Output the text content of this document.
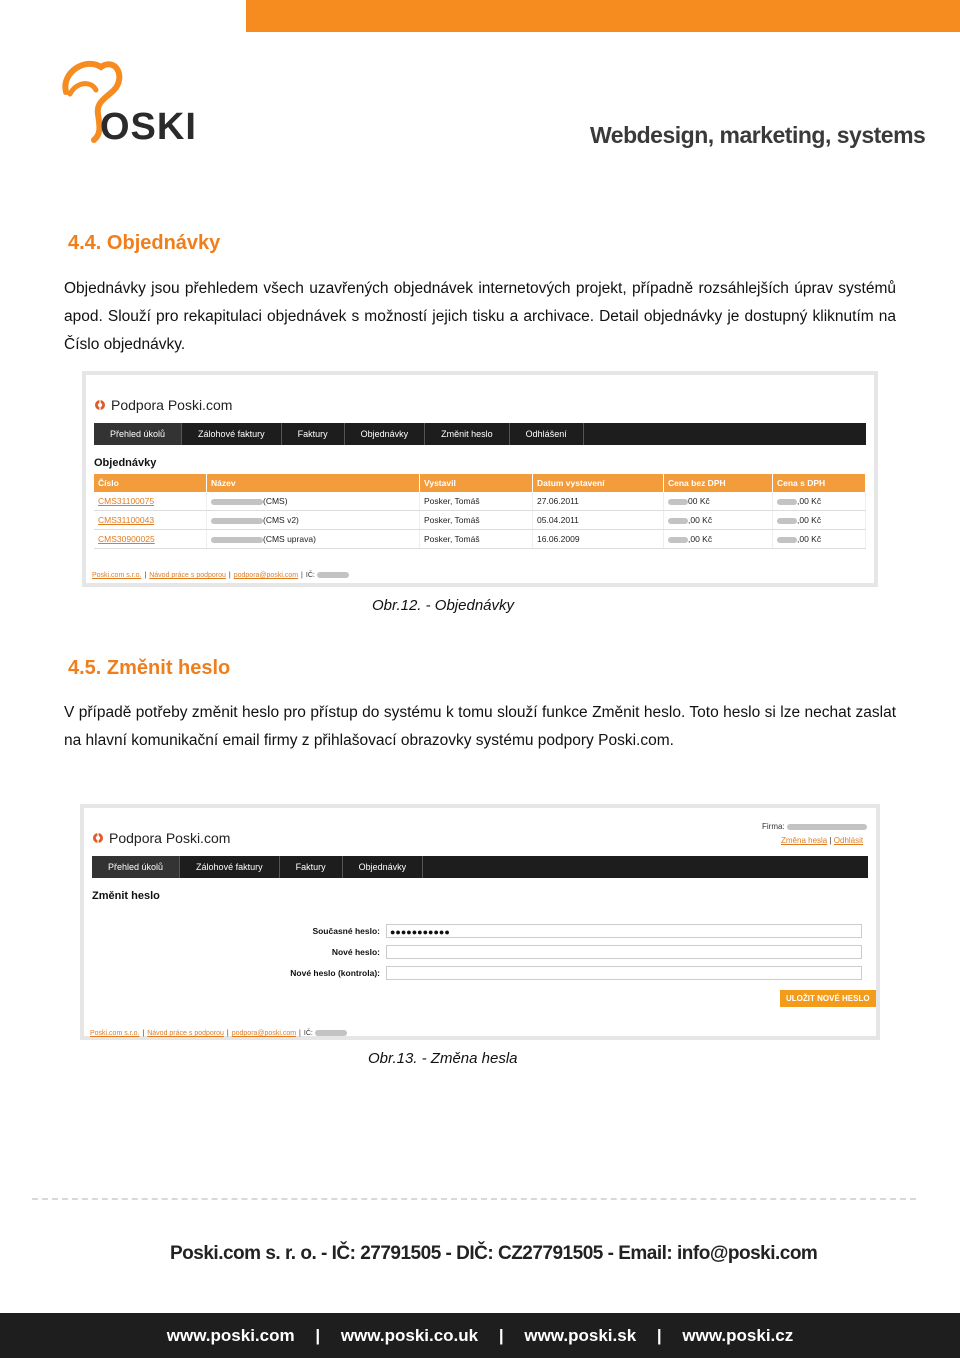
OSKI	Webdesign, marketing, systems
4.4. Objednávky
Objednávky jsou přehledem všech uzavřených objednávek internetových projekt, případně rozsáhlejších úprav systémů apod. Slouží pro rekapitulaci objednávek s možností jejich tisku a archivace. Detail objednávky je dostupný kliknutím na Číslo objednávky.
Podpora Poski.com
Přehled úkolů	Zálohové faktury	Faktury	Objednávky	Změnit heslo	Odhlášení
Objednávky
Číslo	Název	Vystavil	Datum vystavení	Cena bez DPH	Cena s DPH
CMS31100075	(CMS)	Posker, Tomáš	27.06.2011	00 Kč	,00 Kč
CMS31100043	(CMS v2)	Posker, Tomáš	05.04.2011	,00 Kč	,00 Kč
CMS30900025	(CMS uprava)	Posker, Tomáš	16.06.2009	,00 Kč	,00 Kč
Poski.com s.r.o. | Návod práce s podporou | podpora@poski.com | IČ:
Obr.12. - Objednávky
4.5. Změnit heslo
V případě potřeby změnit heslo pro přístup do systému k tomu slouží funkce Změnit heslo. Toto heslo si lze nechat zaslat na hlavní komunikační email firmy z přihlašovací obrazovky systému podpory Poski.com.
Podpora Poski.com
Firma:
Změna hesla | Odhlásit
Přehled úkolů	Zálohové faktury	Faktury	Objednávky
Změnit heslo
Současné heslo:	●●●●●●●●●●●
Nové heslo:
Nové heslo (kontrola):
ULOŽIT NOVÉ HESLO
Poski.com s.r.o. | Návod práce s podporou | podpora@poski.com | IČ:
Obr.13. - Změna hesla
Poski.com s. r. o. - IČ: 27791505 - DIČ: CZ27791505 - Email: info@poski.com
www.poski.com | www.poski.co.uk | www.poski.sk | www.poski.cz
